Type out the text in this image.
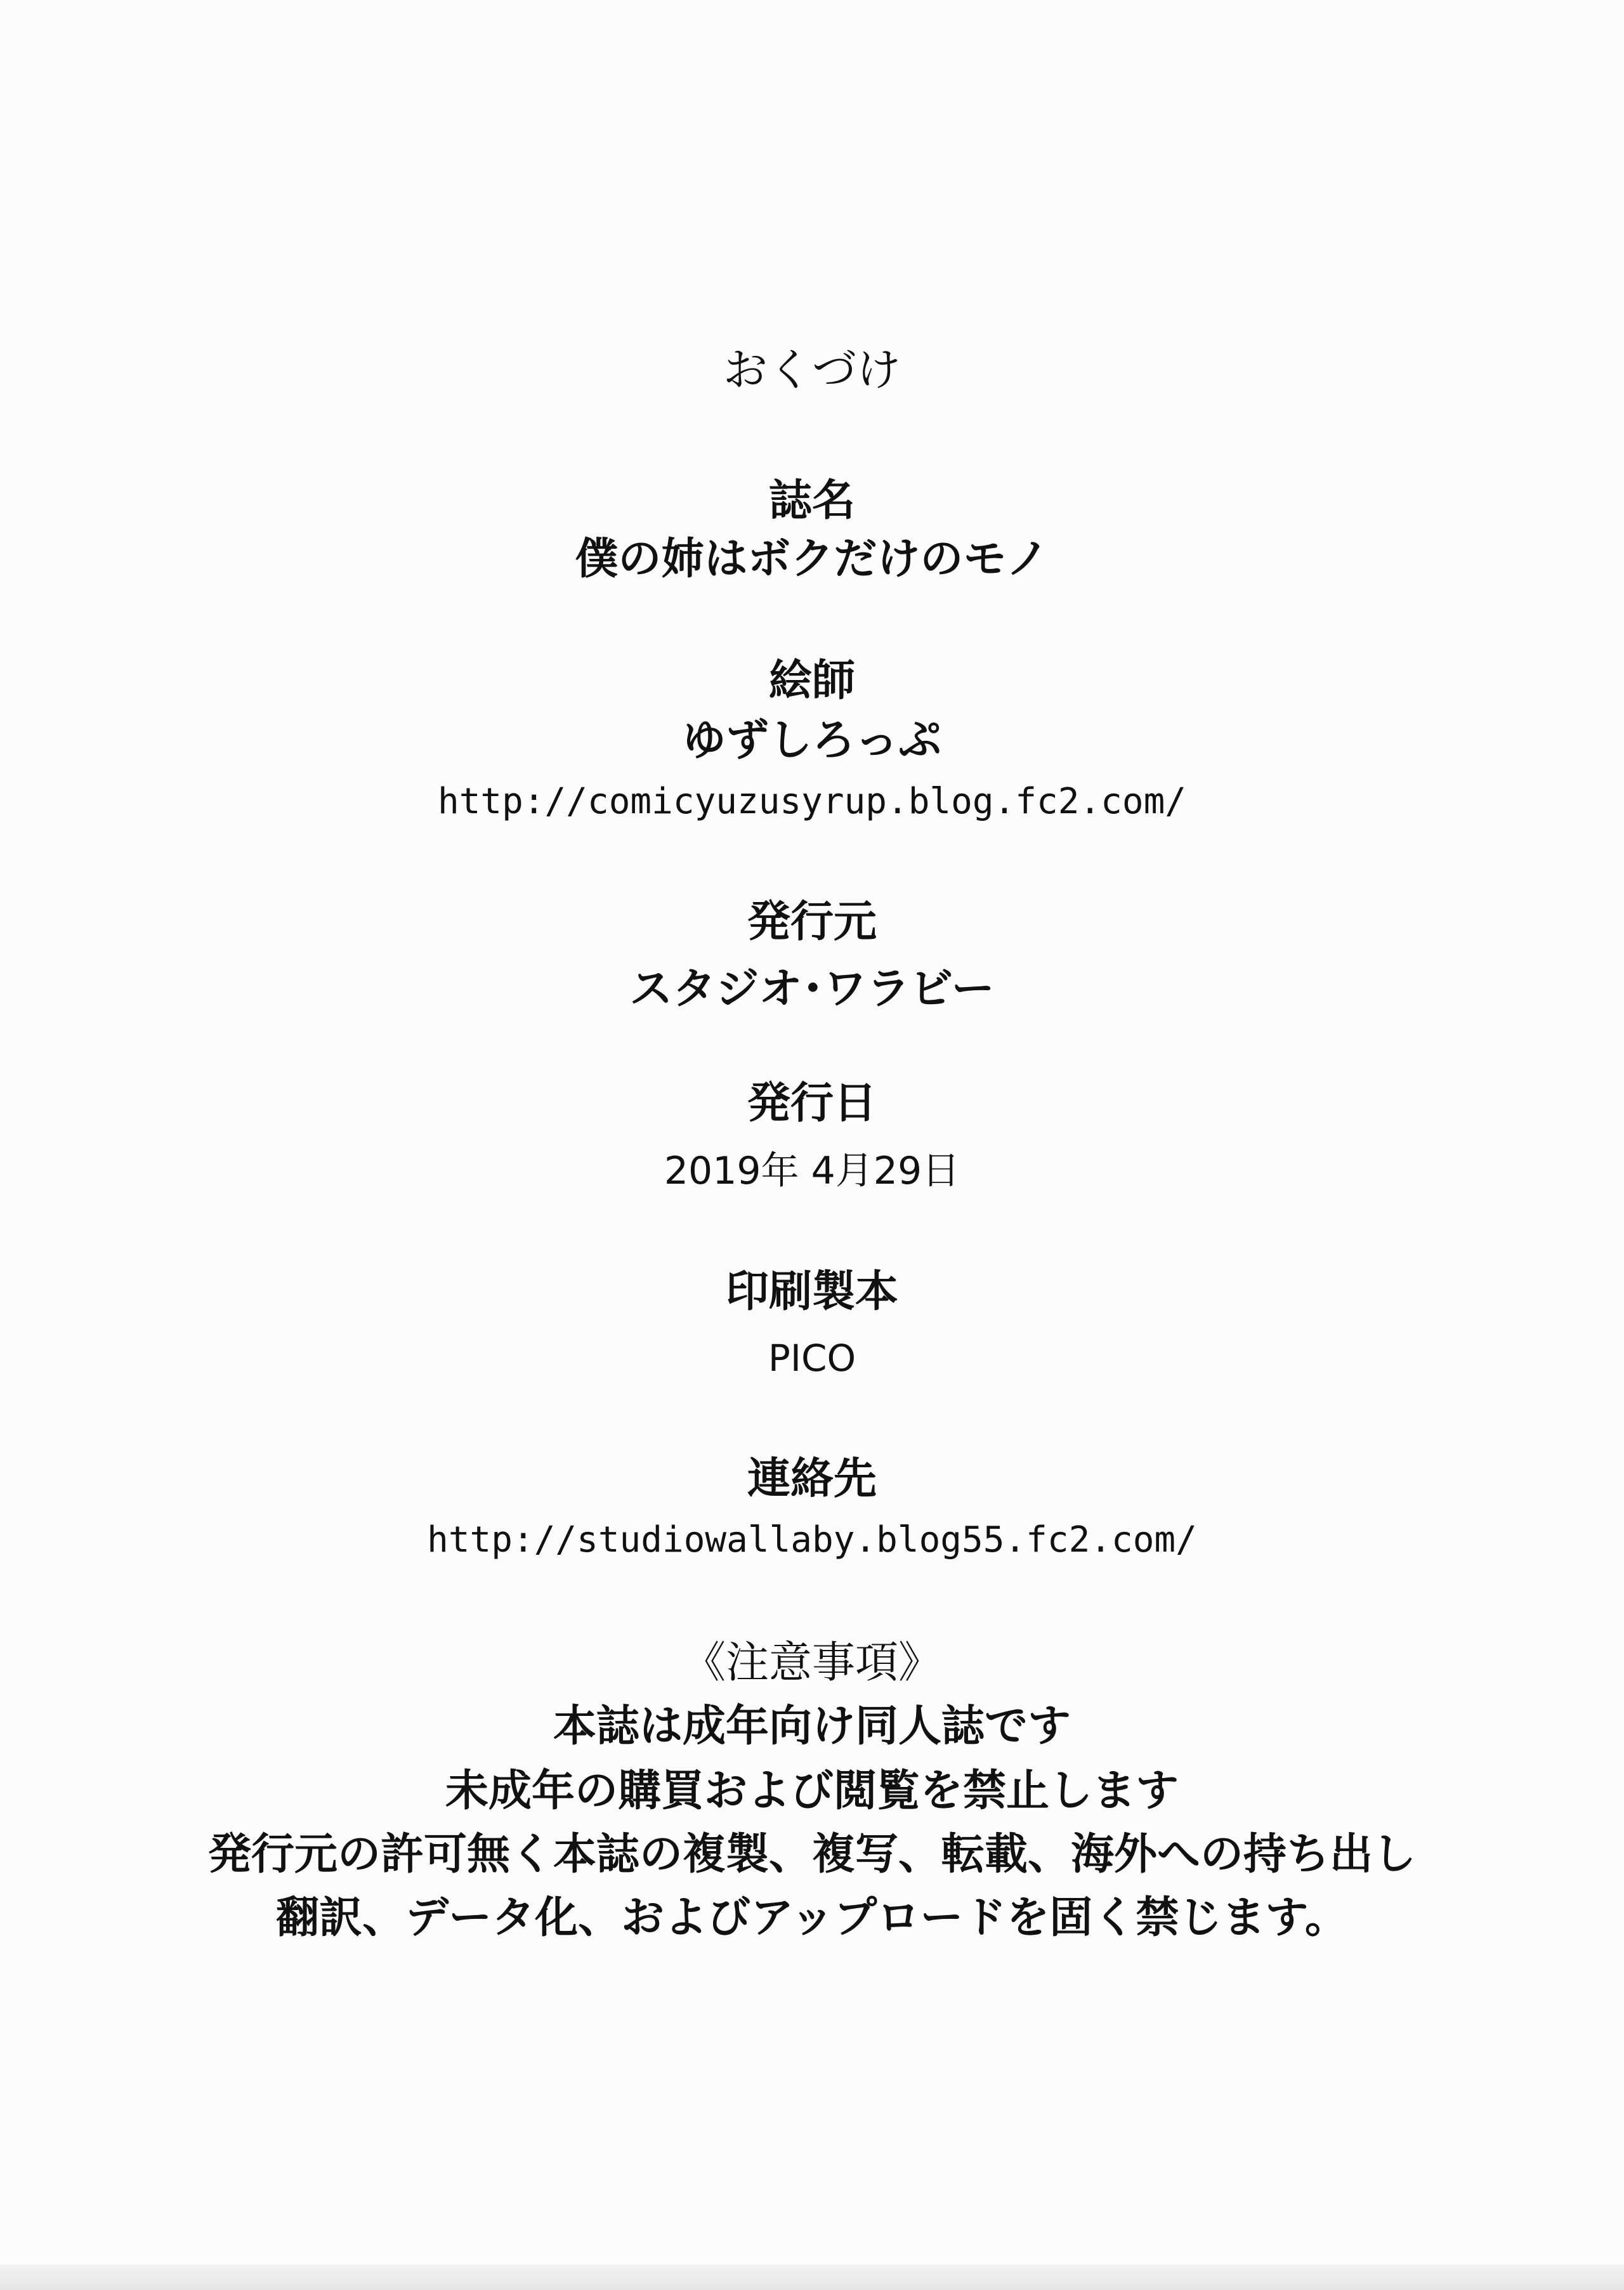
おくづけ
誌名
僕の姉はボクだけのモノ
絵師
ゆずしろっぷ
http://comicyuzusyrup.blog.fc2.com/
発行元
スタジオ･ワラビー
発行日
2019年 4月29日
印刷製本
PICO
連絡先
http://studiowallaby.blog55.fc2.com/
《注意事項》
本誌は成年向け同人誌です
未成年の購買および閲覧を禁止します
発行元の許可無く本誌の複製、複写、転載、海外への持ち出し
翻訳、データ化、およびアップロードを固く禁じます。
